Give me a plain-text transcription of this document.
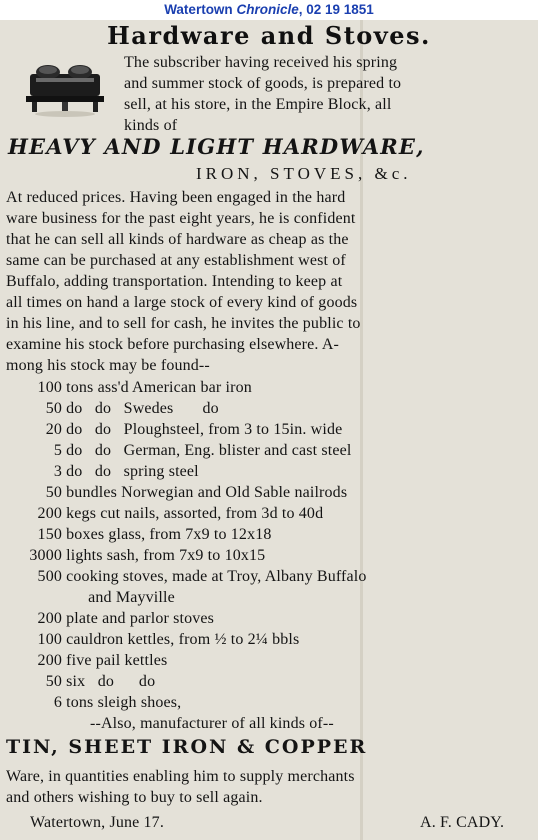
Watertown Chronicle, 02 19 1851
Hardware and Stoves.
The subscriber having received his spring
and summer stock of goods, is prepared to
sell, at his store, in the Empire Block, all
kinds of
HEAVY AND LIGHT HARDWARE,
IRON, STOVES, &c.
At reduced prices. Having been engaged in the hard
ware business for the past eight years, he is confident
that he can sell all kinds of hardware as cheap as the
same can be purchased at any establishment west of
Buffalo, adding transportation. Intending to keep at
all times on hand a large stock of every kind of goods
in his line, and to sell for cash, he invites the public to
examine his stock before purchasing elsewhere. A-
mong his stock may be found--
100 tons ass'd American bar iron
50 do   do   Swedes       do
20 do   do   Ploughsteel, from 3 to 15in. wide
5 do   do   German, Eng. blister and cast steel
3 do   do   spring steel
50 bundles Norwegian and Old Sable nailrods
200 kegs cut nails, assorted, from 3d to 40d
150 boxes glass, from 7x9 to 12x18
3000 lights sash, from 7x9 to 10x15
500 cooking stoves, made at Troy, Albany Buffalo
and Mayville
200 plate and parlor stoves
100 cauldron kettles, from ½ to 2¼ bbls
200 five pail kettles
50 six   do      do
6 tons sleigh shoes,
--Also, manufacturer of all kinds of--
TIN, SHEET IRON & COPPER
Ware, in quantities enabling him to supply merchants
and others wishing to buy to sell again.
Watertown, June 17.	A. F. CADY.
